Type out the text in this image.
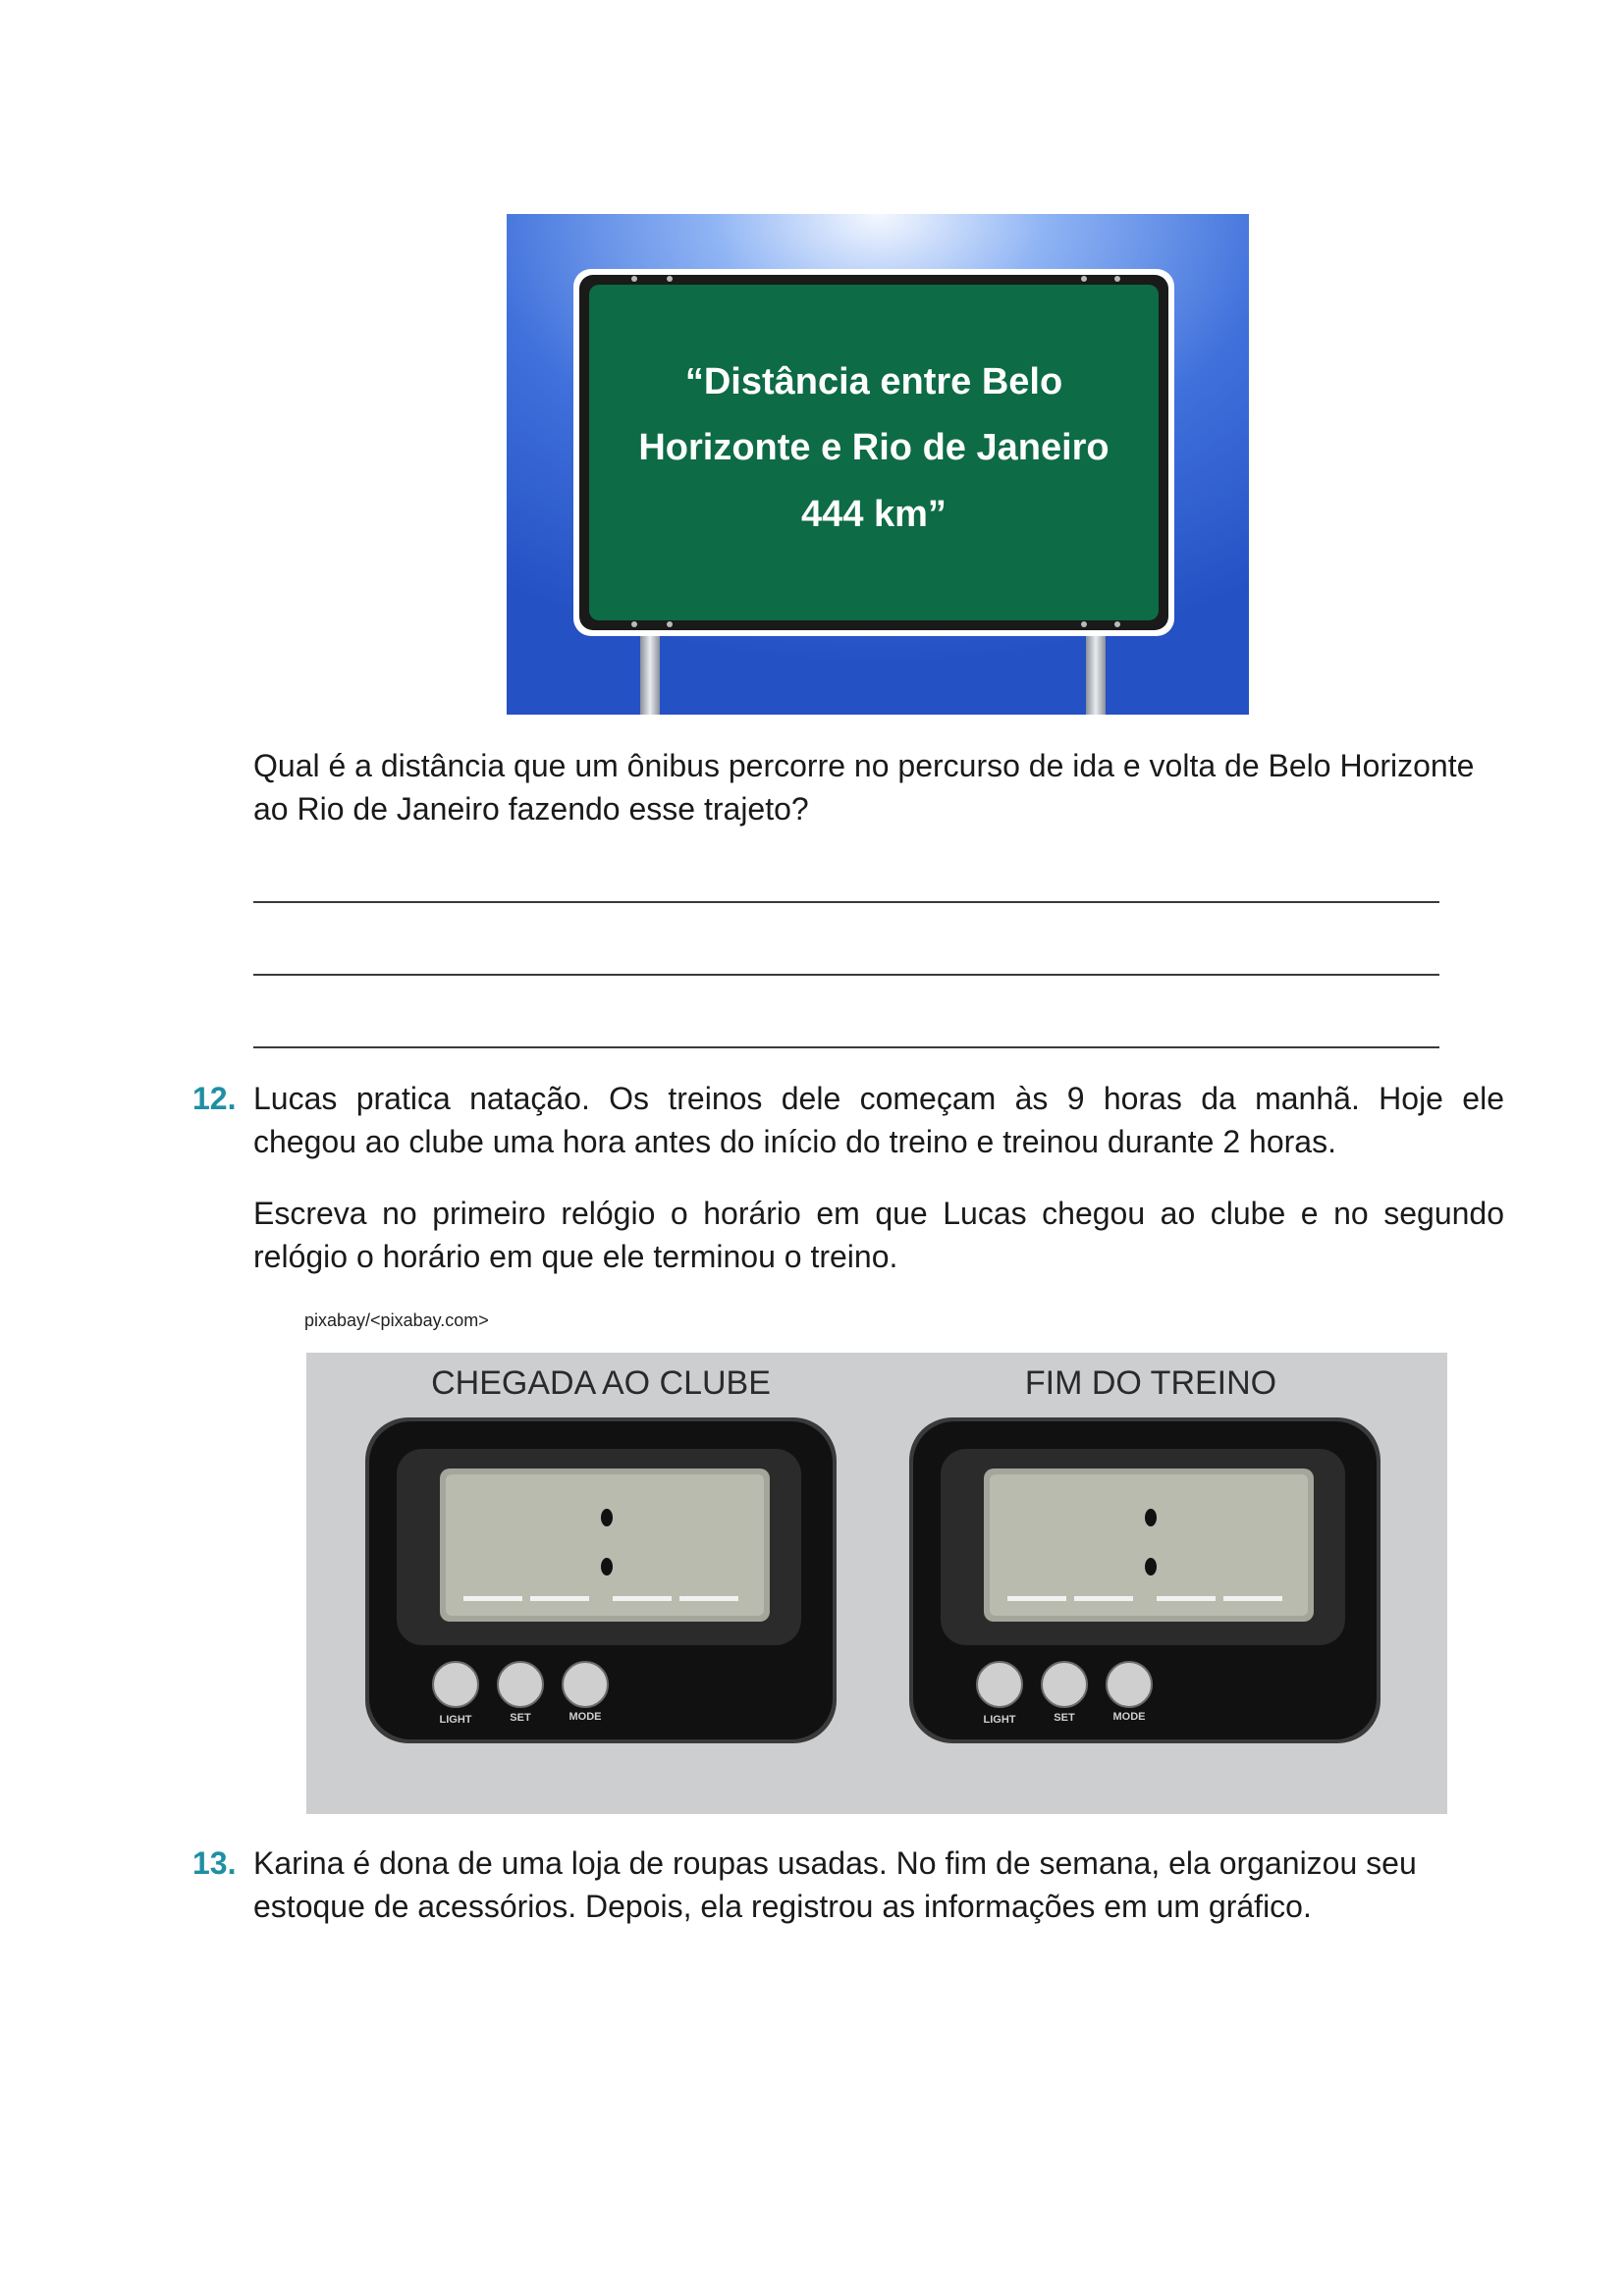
“Distância entre Belo
Horizonte e Rio de Janeiro
444 km”
Qual é a distância que um ônibus percorre no percurso de ida e volta de Belo Horizonte
ao Rio de Janeiro fazendo esse trajeto?
12. Lucas pratica natação. Os treinos dele começam às 9 horas da manhã. Hoje ele
chegou ao clube uma hora antes do início do treino e treinou durante 2 horas.
Escreva no primeiro relógio o horário em que Lucas chegou ao clube e no segundo
relógio o horário em que ele terminou o treino.
pixabay/<pixabay.com>
CHEGADA AO CLUBE
LIGHT	SET	MODE
FIM DO TREINO
LIGHT	SET	MODE
13. Karina é dona de uma loja de roupas usadas. No fim de semana, ela organizou seu
estoque de acessórios. Depois, ela registrou as informações em um gráfico.
